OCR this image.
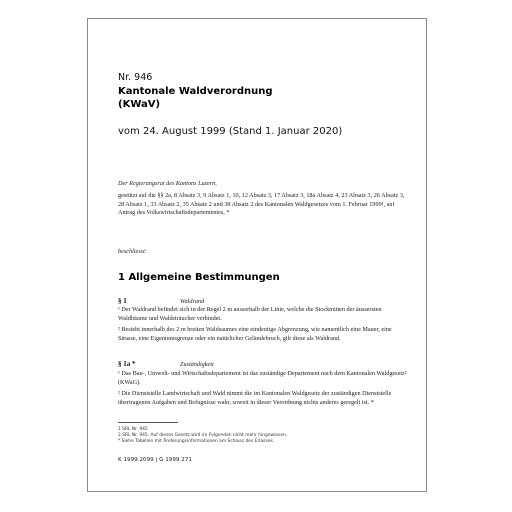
Nr. 946
Kantonale Waldverordnung
(KWaV)
vom 24. August 1999 (Stand 1. Januar 2020)
Der Regierungsrat des Kantons Luzern,
gestützt auf die §§ 2a, 8 Absatz 3, 9 Absatz 1, 10, 12 Absatz 3, 17 Absatz 3, 18a Absatz 4, 23 Absatz 3, 26 Absatz 3, 28 Absatz 1, 33 Absatz 2, 35 Absatz 2 und 38 Absatz 2 des Kantonalen Waldgesetzes vom 1. Februar 1999¹, auf Antrag des Volkswirtschaftsdepartementes, *
beschliesst:
1 Allgemeine Bestimmungen
§ 1	Waldrand
¹ Der Waldrand befindet sich in der Regel 2 m ausserhalb der Linie, welche die Stockmitten der äussersten Waldbäume und Waldsträucher verbindet.
² Besteht innerhalb des 2 m breiten Waldsaumes eine eindeutige Abgrenzung, wie namentlich eine Mauer, eine Strasse, eine Eigentumsgrenze oder ein natürlicher Geländebruch, gilt diese als Waldrand.
§ 1a *	Zuständigkeit
¹ Das Bau-, Umwelt- und Wirtschaftsdepartement ist das zuständige Departement nach dem Kantonalen Waldgesetz² (KWaG).
² Die Dienststelle Landwirtschaft und Wald nimmt die im Kantonalen Waldgesetz der zuständigen Dienststelle übertragenen Aufgaben und Befugnisse wahr, soweit in dieser Verordnung nichts anderes geregelt ist. *
1 SRL Nr. 945
2 SRL Nr. 945. Auf dieses Gesetz wird im Folgenden nicht mehr hingewiesen.
* Siehe Tabellen mit Änderungsinformationen am Schluss des Erlasses.
K 1999 2099 | G 1999 271
